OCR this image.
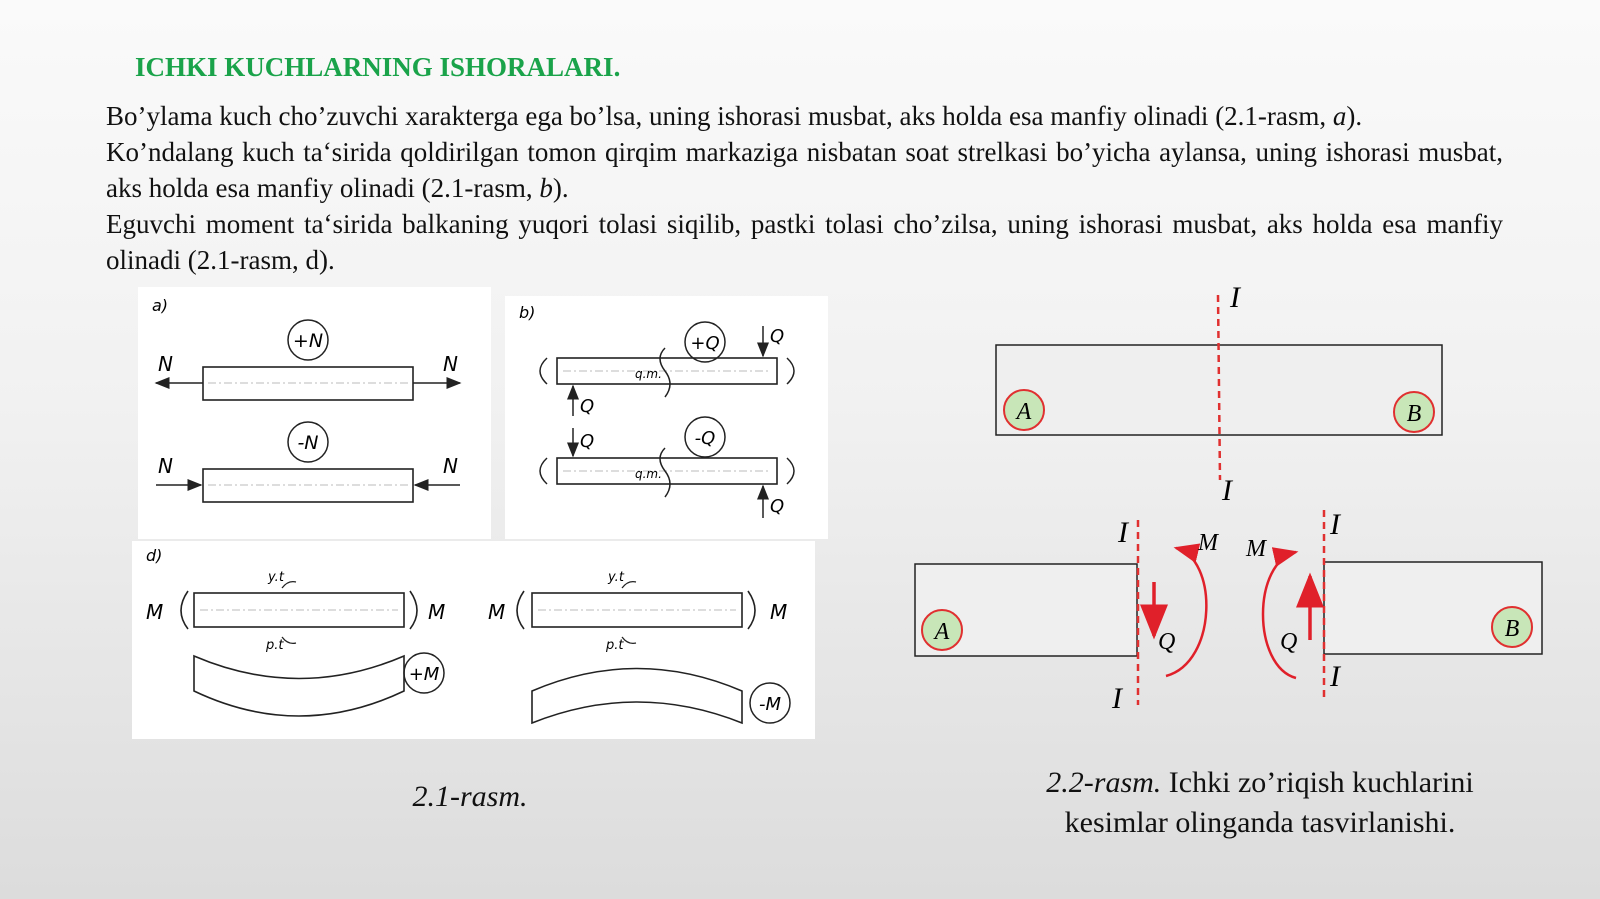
ICHKI KUCHLARNING ISHORALARI.

Bo’ylama kuch cho’zuvchi xarakterga ega bo’lsa, uning ishorasi musbat, aks holda esa manfiy olinadi (2.1-rasm, a).

Ko’ndalang kuch ta‘sirida qoldirilgan tomon qirqim markaziga nisbatan soat strelkasi bo’yicha aylansa, uning ishorasi musbat, aks holda esa manfiy olinadi (2.1-rasm, b).

Eguvchi moment ta‘sirida balkaning yuqori tolasi siqilib, pastki tolasi cho’zilsa, uning ishorasi musbat, aks holda esa manfiy olinadi (2.1-rasm, d).

a)
+N
N	N
-N
N	N
b)
+Q
q.m.
Q
Q
-Q
q.m.
Q
Q
d)
M	M
y.t
p.t
+M
M	M
y.t
p.t
-M

2.1-rasm.

I
I
A	B
I
I
A	Q
M
I
I
B
Q
M

2.2-rasm. Ichki zo’riqish kuchlarini kesimlar olinganda tasvirlanishi.
